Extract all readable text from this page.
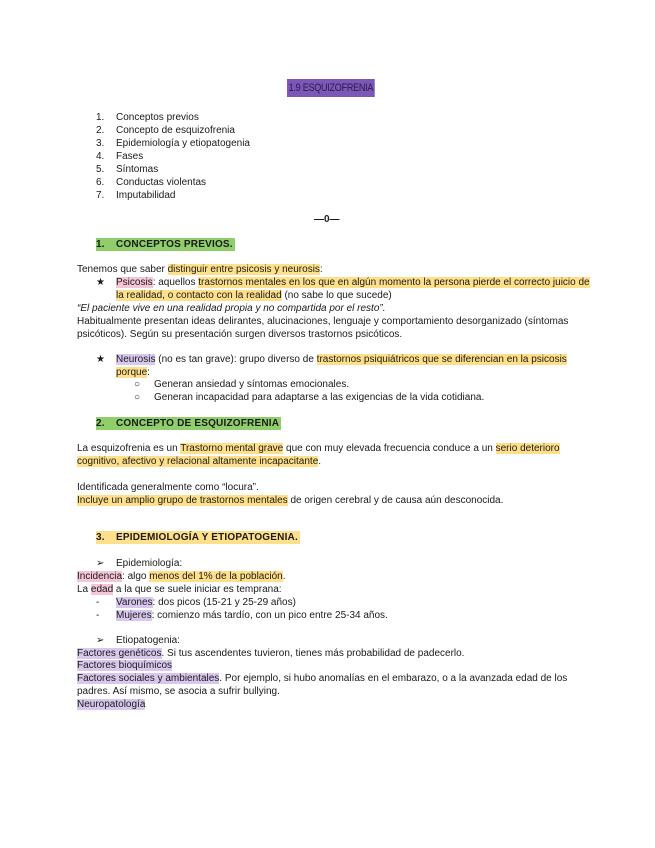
1.9 ESQUIZOFRENIA
1. Conceptos previos
2. Concepto de esquizofrenia
3. Epidemiología y etiopatogenia
4. Fases
5. Síntomas
6. Conductas violentas
7. Imputabilidad
—0—
1. CONCEPTOS PREVIOS.
Tenemos que saber distinguir entre psicosis y neurosis:
★ Psicosis: aquellos trastornos mentales en los que en algún momento la persona pierde el correcto juicio de
la realidad, o contacto con la realidad (no sabe lo que sucede)
“El paciente vive en una realidad propia y no compartida por el resto”.
Habitualmente presentan ideas delirantes, alucinaciones, lenguaje y comportamiento desorganizado (síntomas
psicóticos). Según su presentación surgen diversos trastornos psicóticos.
★ Neurosis (no es tan grave): grupo diverso de trastornos psiquiátricos que se diferencian en la psicosis
porque:
○ Generan ansiedad y síntomas emocionales.
○ Generan incapacidad para adaptarse a las exigencias de la vida cotidiana.
2. CONCEPTO DE ESQUIZOFRENIA
La esquizofrenia es un Trastorno mental grave que con muy elevada frecuencia conduce a un serio deterioro
cognitivo, afectivo y relacional altamente incapacitante.
Identificada generalmente como “locura”.
Incluye un amplio grupo de trastornos mentales de origen cerebral y de causa aún desconocida.
3. EPIDEMIOLOGÍA Y ETIOPATOGENIA.
➢ Epidemiología:
Incidencia: algo menos del 1% de la población.
La edad a la que se suele iniciar es temprana:
- Varones: dos picos (15-21 y 25-29 años)
- Mujeres: comienzo más tardío, con un pico entre 25-34 años.
➢ Etiopatogenia:
Factores genéticos. Si tus ascendentes tuvieron, tienes más probabilidad de padecerlo.
Factores bioquímicos
Factores sociales y ambientales. Por ejemplo, si hubo anomalías en el embarazo, o a la avanzada edad de los
padres. Así mismo, se asocia a sufrir bullying.
Neuropatología
